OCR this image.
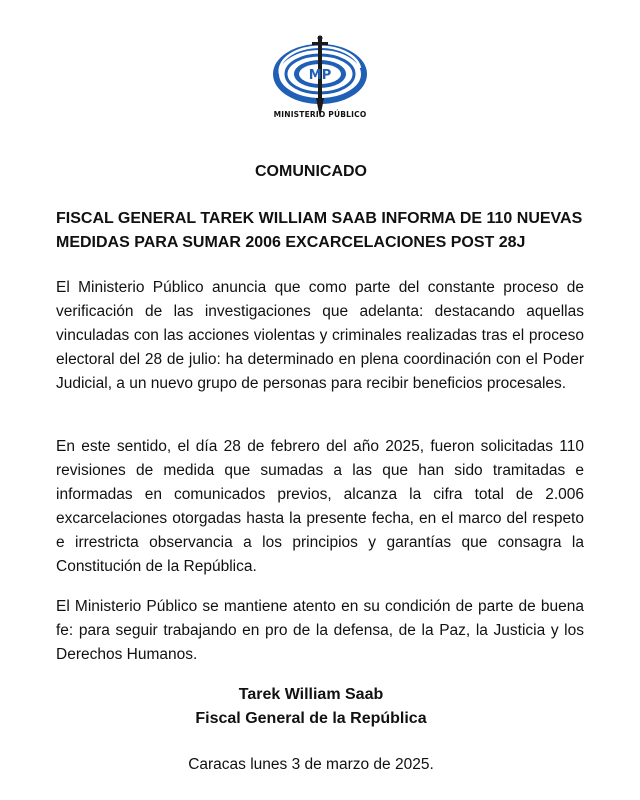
MP
MINISTERIO PÚBLICO
COMUNICADO
FISCAL GENERAL TAREK WILLIAM SAAB INFORMA DE 110 NUEVAS
MEDIDAS PARA SUMAR 2006 EXCARCELACIONES POST 28J
El Ministerio Público anuncia que como parte del constante proceso de verificación de las investigaciones que adelanta: destacando aquellas vinculadas con las acciones violentas y criminales realizadas tras el proceso electoral del 28 de julio: ha determinado en plena coordinación con el Poder Judicial, a un nuevo grupo de personas para recibir beneficios procesales.
En este sentido, el día 28 de febrero del año 2025, fueron solicitadas 110 revisiones de medida que sumadas a las que han sido tramitadas e informadas en comunicados previos, alcanza la cifra total de 2.006 excarcelaciones otorgadas hasta la presente fecha, en el marco del respeto e irrestricta observancia a los principios y garantías que consagra la Constitución de la República.
El Ministerio Público se mantiene atento en su condición de parte de buena fe: para seguir trabajando en pro de la defensa, de la Paz, la Justicia y los Derechos Humanos.
Tarek William Saab
Fiscal General de la República
Caracas lunes 3 de marzo de 2025.
